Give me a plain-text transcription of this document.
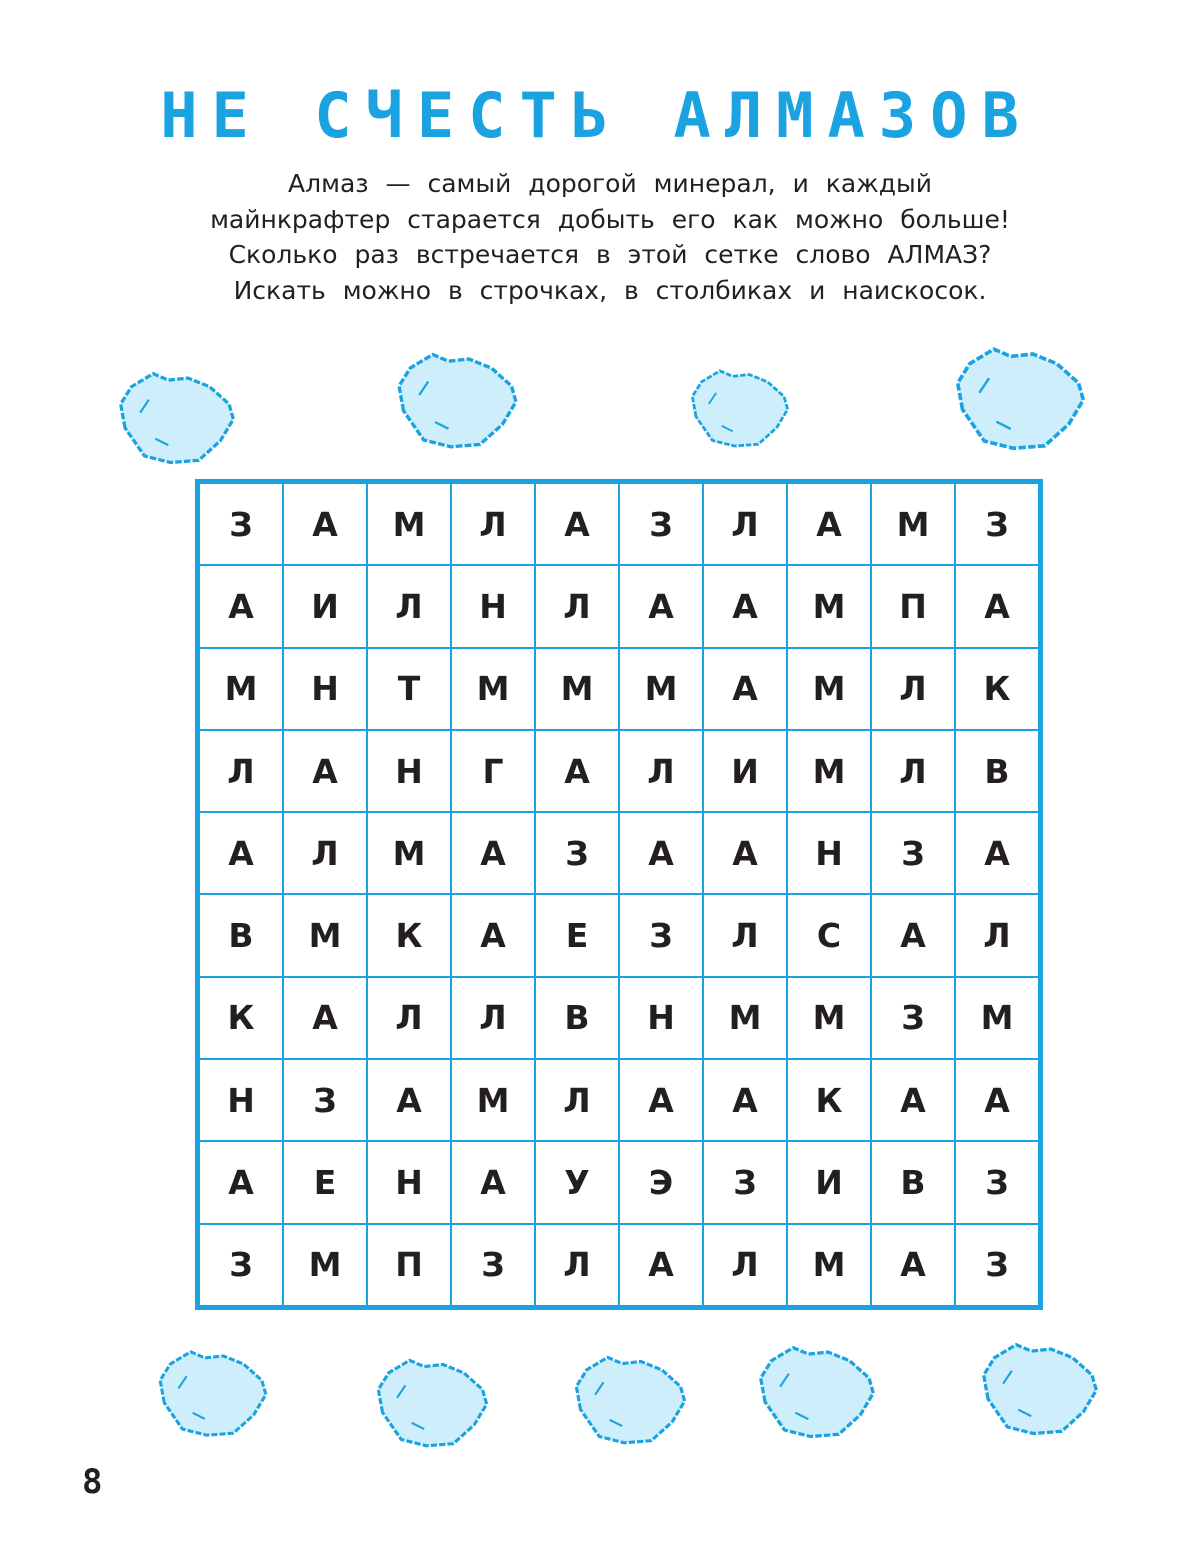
НЕ СЧЕСТЬ АЛМАЗОВ

Алмаз — самый дорогой минерал, и каждый

майнкрафтер старается добыть его как можно больше!

Сколько раз встречается в этой сетке слово АЛМАЗ?

Искать можно в строчках, в столбиках и наискосок.

З	А	М	Л	А	З	Л	А	М	З
А	И	Л	Н	Л	А	А	М	П	А
М	Н	Т	М	М	М	А	М	Л	К
Л	А	Н	Г	А	Л	И	М	Л	В
А	Л	М	А	З	А	А	Н	З	А
В	М	К	А	Е	З	Л	С	А	Л
К	А	Л	Л	В	Н	М	М	З	М
Н	З	А	М	Л	А	А	К	А	А
А	Е	Н	А	У	Э	З	И	В	З
З	М	П	З	Л	А	Л	М	А	З
8
